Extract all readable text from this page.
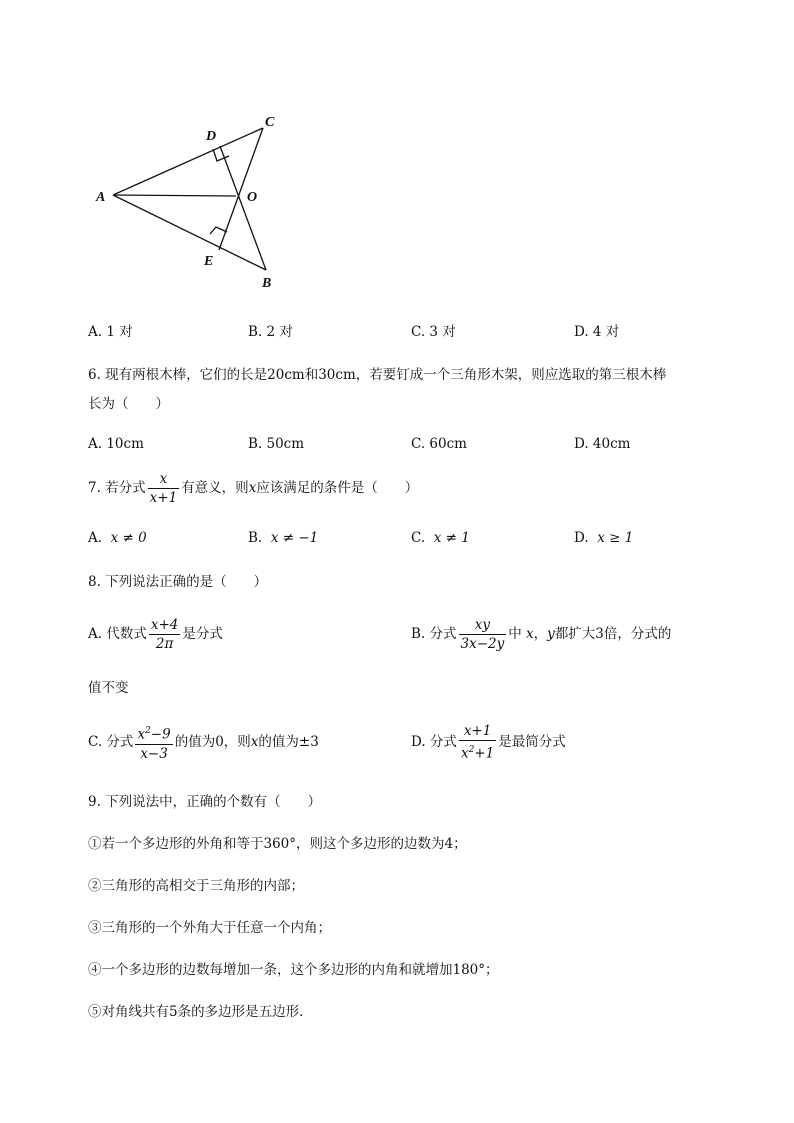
C
D
A	O
E
B
A. 1 对	B. 2 对	C. 3 对	D. 4 对
6. 现有两根木棒，它们的长是20cm和30cm，若要钉成一个三角形木架，则应选取的第三根木棒
长为（　　）
A. 10cm	B. 50cm	C. 60cm	D. 40cm
7. 若分式 $\frac{x}{x+1}$ 有意义，则x应该满足的条件是（　　）
A. x ≠ 0	B. x ≠ −1	C. x ≠ 1	D. x ≥ 1
8. 下列说法正确的是（　　）
A. 代数式 $\frac{x+4}{2\pi}$ 是分式	B. 分式 $\frac{xy}{3x-2y}$ 中 x，y都扩大3倍，分式的
值不变
C. 分式 $\frac{x^2-9}{x-3}$ 的值为0，则x的值为±3	D. 分式 $\frac{x+1}{x^2+1}$ 是最简分式
9. 下列说法中，正确的个数有（　　）
①若一个多边形的外角和等于360°，则这个多边形的边数为4；
②三角形的高相交于三角形的内部；
③三角形的一个外角大于任意一个内角；
④一个多边形的边数每增加一条，这个多边形的内角和就增加180°；
⑤对角线共有5条的多边形是五边形．
